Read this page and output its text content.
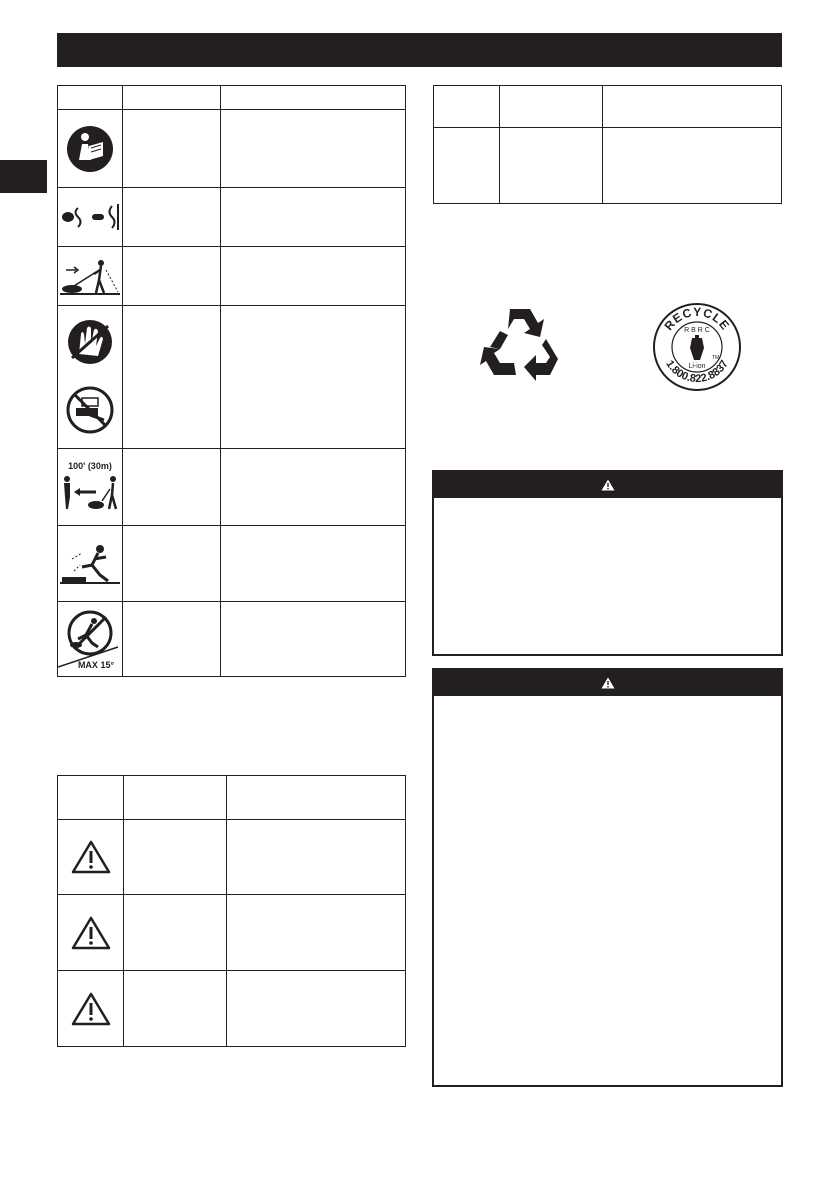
100' (30m)		

MAX 15°		

RECYCLE
R B R C
TM
Li-ion
1.800.822.8837
